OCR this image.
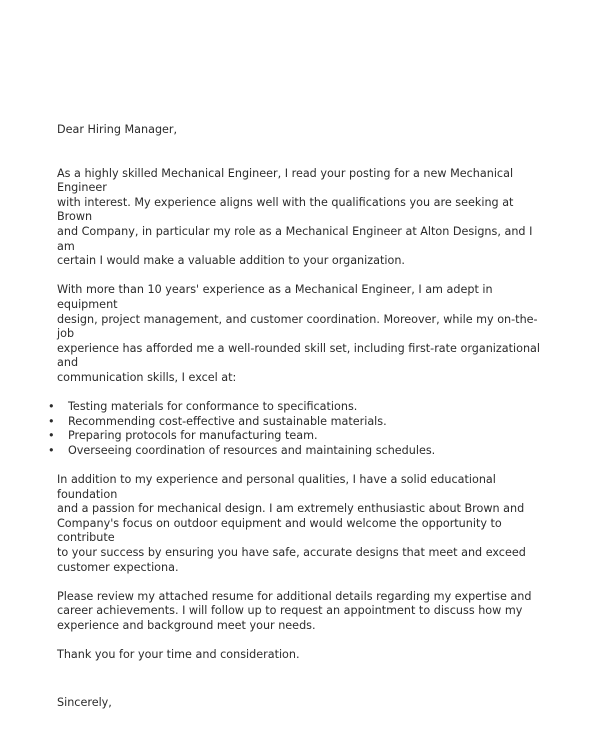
Dear Hiring Manager,

As a highly skilled Mechanical Engineer, I read your posting for a new Mechanical Engineer
with interest. My experience aligns well with the qualifications you are seeking at Brown
and Company, in particular my role as a Mechanical Engineer at Alton Designs, and I am
certain I would make a valuable addition to your organization.

With more than 10 years' experience as a Mechanical Engineer, I am adept in equipment
design, project management, and customer coordination. Moreover, while my on-the-job
experience has afforded me a well-rounded skill set, including first-rate organizational and
communication skills, I excel at:

• Testing materials for conformance to specifications.
• Recommending cost-effective and sustainable materials.
• Preparing protocols for manufacturing team.
• Overseeing coordination of resources and maintaining schedules.

In addition to my experience and personal qualities, I have a solid educational foundation
and a passion for mechanical design. I am extremely enthusiastic about Brown and
Company's focus on outdoor equipment and would welcome the opportunity to contribute
to your success by ensuring you have safe, accurate designs that meet and exceed
customer expectiona.

Please review my attached resume for additional details regarding my expertise and
career achievements. I will follow up to request an appointment to discuss how my
experience and background meet your needs.

Thank you for your time and consideration.

Sincerely,
